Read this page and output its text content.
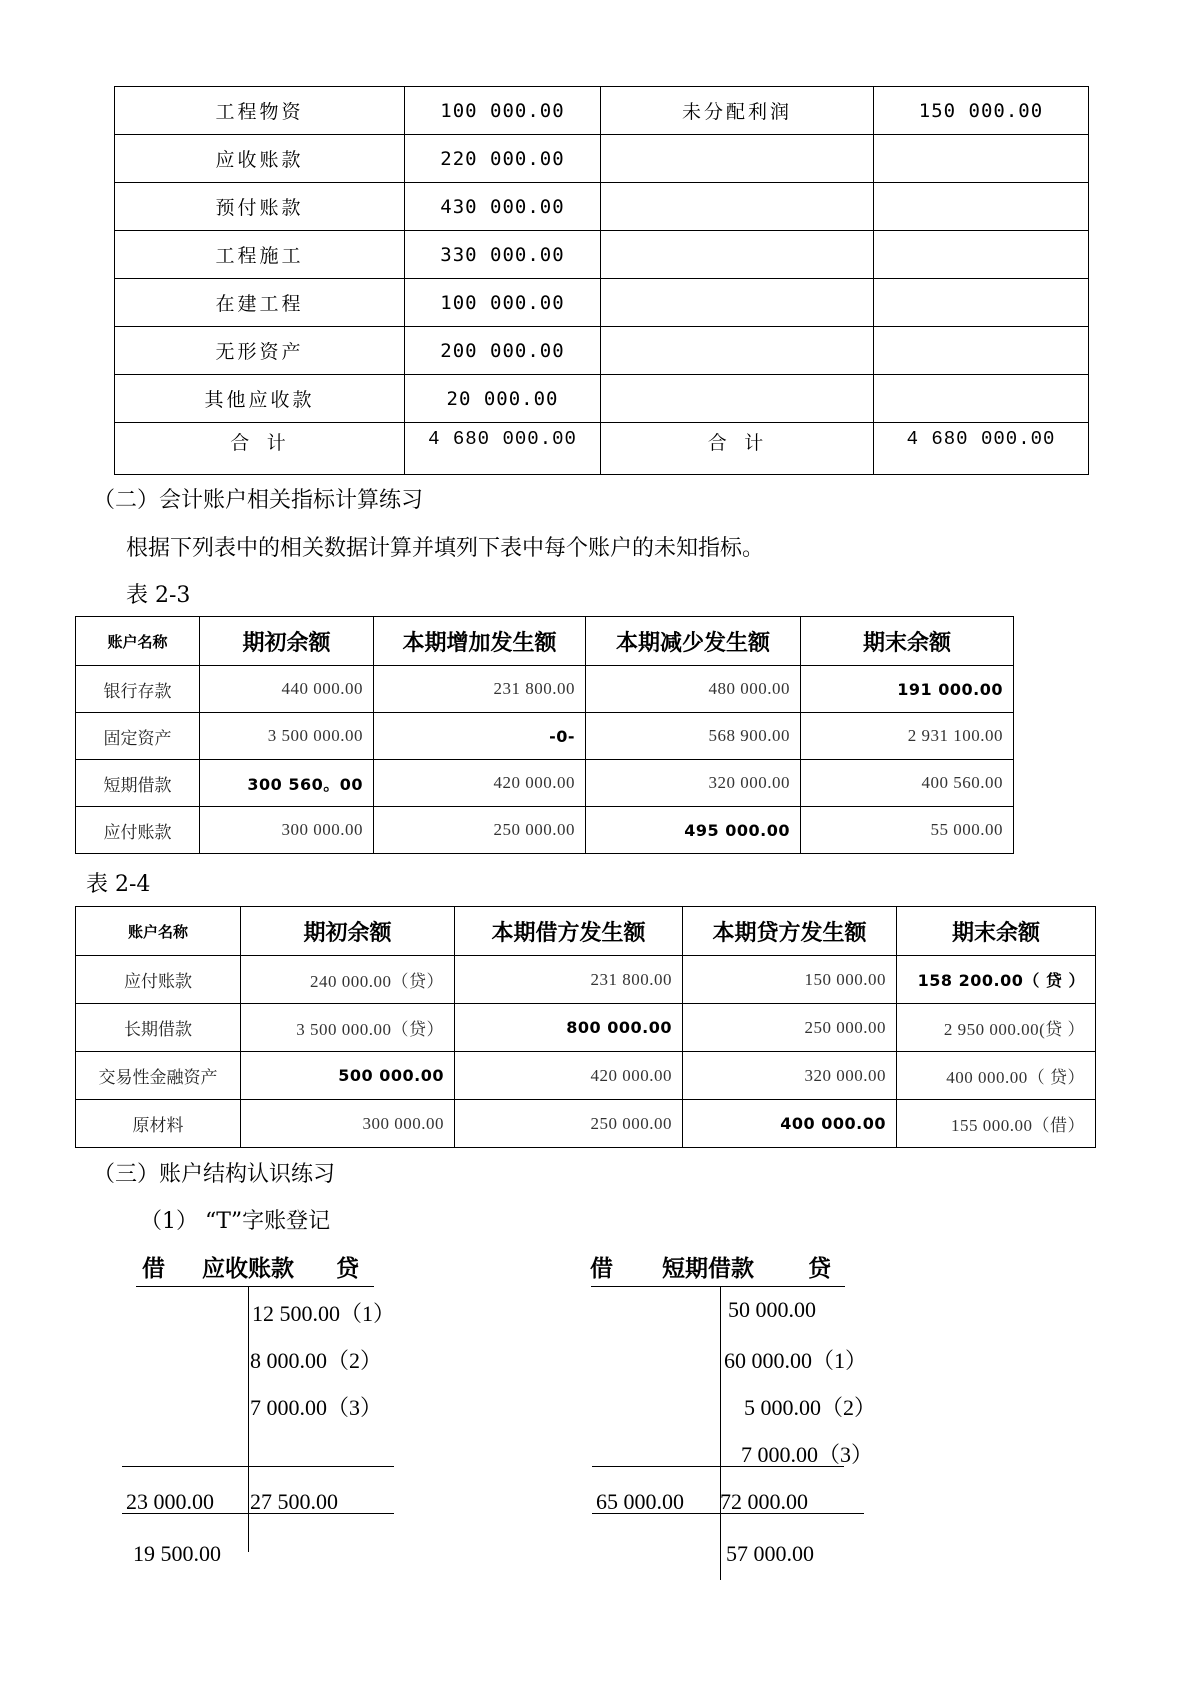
工程物资	100 000.00	未分配利润	150 000.00
应收账款	220 000.00		
预付账款	430 000.00		
工程施工	330 000.00		
在建工程	100 000.00		
无形资产	200 000.00		
其他应收款	20 000.00		
合 计	4 680 000.00	合 计	4 680 000.00
（二）会计账户相关指标计算练习
根据下列表中的相关数据计算并填列下表中每个账户的未知指标。
表 2-3
账户名称	期初余额	本期增加发生额	本期减少发生额	期末余额
银行存款	440 000.00	231 800.00	480 000.00	191 000.00
固定资产	3 500 000.00	-0-	568 900.00	2 931 100.00
短期借款	300 560。00	420 000.00	320 000.00	400 560.00
应付账款	300 000.00	250 000.00	495 000.00	55 000.00
表 2-4
账户名称	期初余额	本期借方发生额	本期贷方发生额	期末余额
应付账款	240 000.00（贷）	231 800.00	150 000.00	158 200.00（ 贷 ）
长期借款	3 500 000.00（贷）	800 000.00	250 000.00	2 950 000.00(贷 ）
交易性金融资产	500 000.00	420 000.00	320 000.00	400 000.00（ 贷）
原材料	300 000.00	250 000.00	400 000.00	155 000.00（借）
（三）账户结构认识练习
（1） “T”字账登记
借 应收账款 贷
12 500.00（1）
8 000.00（2）
7 000.00（3）
23 000.00 27 500.00
19 500.00
借 短期借款 贷
50 000.00
60 000.00（1）
5 000.00（2）
7 000.00（3）
65 000.00 72 000.00
57 000.00
